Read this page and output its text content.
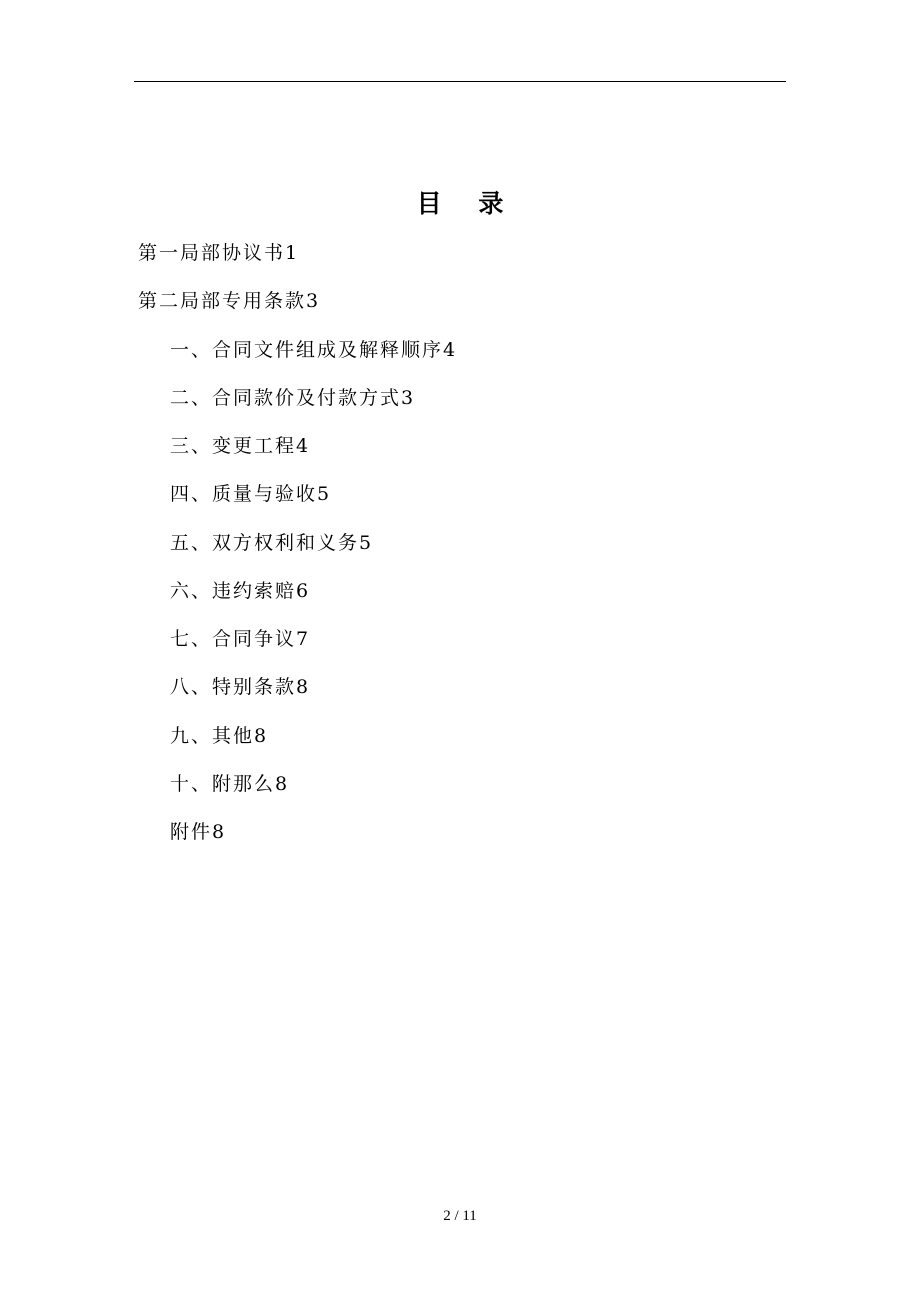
目 录
第一局部协议书1
第二局部专用条款3
一、合同文件组成及解释顺序4
二、合同款价及付款方式3
三、变更工程4
四、质量与验收5
五、双方权利和义务5
六、违约索赔6
七、合同争议7
八、特别条款8
九、其他8
十、附那么8
附件8
2 / 11
